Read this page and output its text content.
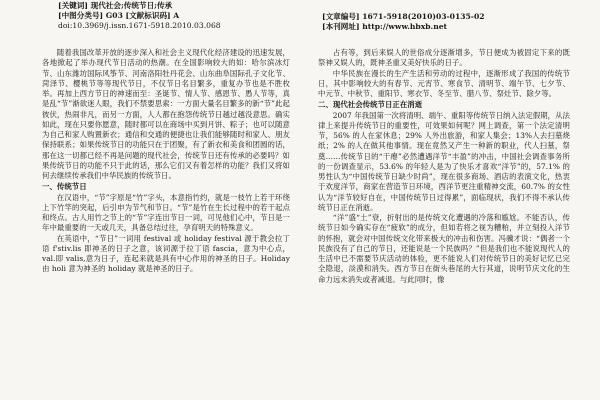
[关键词] 现代社会;传统节日;传承
[中图分类号] G03 [文献标识码] A
doi:10.3969/j.issn.1671-5918.2010.03.068
[文章编号] 1671-5918(2010)03-0135-02
[本刊网址] http://www.hbxb.net

随着我国改革开放的逐步深入和社会主义现代化经济建设的迅速发展，各地掀起了举办现代节日活动的热潮。在全国影响较大的如：哈尔滨冰灯节、山东潍坊国际风筝节、河南洛阳牡丹花会、山东曲阜国际孔子文化节、菏泽节、樱桃节等等现代节日，不仅节日名目繁多，重复办节也是不胜枚举。再加上西方节日的神速而至：圣诞节、情人节、感恩节、愚人节等，真是乱“节”渐欲迷人眼，我们不禁要思索：一方面大量名目繁多的新“节”此起彼伏，热闹非凡，而另一方面，人人都在抱怨传统节日越过越没意思。确实如此，现在只要你愿意，随时都可以在商场中买到月饼、粽子；也可以随意为自己和家人购置新衣；通信和交通的便捷也让我们能够随时和家人、朋友保持联系；如果传统节日的功能只在于团聚，有了新衣和美食和团圆的话，那在这一切都已经不再是问题的现代社会，传统节日还有传承的必要吗？如果传统节日的功能不只于此的话，那么它们又有着怎样的功能？我们又将如何去继续传承我们中华民族的传统节日。

一、传统节日

在汉语中，“节”字原是“竹”字头，本意指竹约，就是一枝竹上若干环绕上下竹竿的突起，后引申为节气和节日。“节”是竹在生长过程中的若干起点和终点。古人用竹之节上的“节”字连出节日一词，可见他们心中，节日是一年中最重要的一天或几天，具备总结过往，孕育明天的特殊意义。

在英语中，“节日”一词用 festival 或 holiday festival 源于教会拉丁语 f'stiv.lis 即神圣的日子之意，该词源于拉丁语 fascia，意为中心点，val.即 valis,意为日子，连起来就是具有中心作用的神圣的日子。Holiday 由 holi 意为神圣的 holiday 就是神圣的日子。

占有等，到后来娱人的世俗成分逐渐增多，节日便成为被固定下来的既祭神又娱人的，既神圣重又美好快乐的日子。

中华民族在漫长的生产生活和劳动的过程中，逐渐形成了我国的传统节日，其中影响较大的有春节、元宵节、寒食节、清明节、端午节、七夕节、中元节、中秋节、重阳节、寒衣节、冬至节、腊八节、祭灶节、除夕等。

二、现代社会传统节日正在消逝

2007 年我国第一次将清明、端午、重阳等传统节日纳入法定假期，从法律上来提升传统节日的重要性，可效果如何呢？网上调查，第一个法定清明节，56% 的人在家休息；29% 人外出旅游，和家人集会；13%人去扫墓烧纸；2% 的人在做其他事情。现在竟然又产生一种新的职业，代人扫墓，祭奠……传统节日的“干瘪”必然遭遇洋节“丰盈”的冲击，中国社会调查事务所的一份调查显示，53.6% 的年轻人是为了快乐才喜欢“洋节”的，57.1% 的男性认为“中国传统节日缺少时尚”，现在很多商场、酒店的表演文化，热衷于欢度洋节，商家在营造节日环境，西洋节更注重精神交流，60.7% 的女性认为“洋节较好自在，中国传统节日过得累”，面临现状，我们不得不承认传统节日正在消逝。

“洋”盛“土”衰，折射出的是传统文化遭遇的冷落和尴尬。不能否认，传统节日如今确实存在“疲软”的成分，但如若将之视为糟粕，并立刻投入洋节的怀抱，就会对中国传统文化带来极大的冲击和伤害。冯骥才说：“偶者一个民族没有了自己的节日，还能说是一个民族吗？”但是我们也不能说现代人的生活中已不需要节庆活动的体验，更不能说人们对传统节日的美好记忆已完全隐退，淡漠和消失。西方节日在街头巷尾的大行其道，说明节庆文化的生命力远未消失或者减退。与此同时，像
